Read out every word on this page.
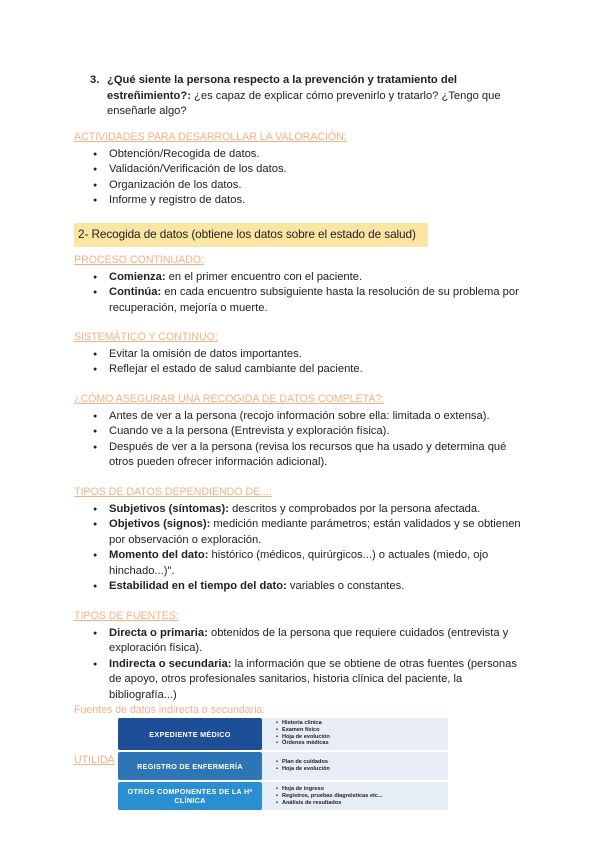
3. ¿Qué siente la persona respecto a la prevención y tratamiento del estreñimiento?: ¿es capaz de explicar cómo prevenirlo y tratarlo? ¿Tengo que enseñarle algo?
ACTIVIDADES PARA DESARROLLAR LA VALORACIÓN:
● Obtención/Recogida de datos.
● Validación/Verificación de los datos.
● Organización de los datos.
● Informe y registro de datos.
2- Recogida de datos (obtiene los datos sobre el estado de salud)
PROCESO CONTINUADO:
● Comienza: en el primer encuentro con el paciente.
● Continúa: en cada encuentro subsiguiente hasta la resolución de su problema por recuperación, mejoría o muerte.
SISTEMÁTICO Y CONTINUO:
● Evitar la omisión de datos importantes.
● Reflejar el estado de salud cambiante del paciente.
¿CÓMO ASEGURAR UNA RECOGIDA DE DATOS COMPLETA?:
● Antes de ver a la persona (recojo información sobre ella: limitada o extensa).
● Cuando ve a la persona (Entrevista y exploración física).
● Después de ver a la persona (revisa los recursos que ha usado y determina qué otros pueden ofrecer información adicional).
TIPOS DE DATOS DEPENDIENDO DE...:
● Subjetivos (síntomas): descritos y comprobados por la persona afectada.
● Objetivos (signos): medición mediante parámetros; están validados y se obtienen por observación o exploración.
● Momento del dato: histórico (médicos, quirúrgicos...) o actuales (miedo, ojo hinchado...)".
● Estabilidad en el tiempo del dato: variables o constantes.
TIPOS DE FUENTES:
● Directa o primaria: obtenidos de la persona que requiere cuidados (entrevista y exploración física).
● Indirecta o secundaria: la información que se obtiene de otras fuentes (personas de apoyo, otros profesionales sanitarios, historia clínica del paciente, la bibliografía...)
Fuentes de datos indirecta o secundaria:
UTILIDA
EXPEDIENTE MÉDICO
• Historia clínica
• Examen físico
• Hoja de evolución
• Órdenes médicas
REGISTRO DE ENFERMERÍA
•	Plan de cuidados
• Hoja de evolución
OTROS COMPONENTES DE LA Hª CLÍNICA
• Hoja de ingreso
• Registros, pruebas diagnósticas etc...
• Análisis de resultados
